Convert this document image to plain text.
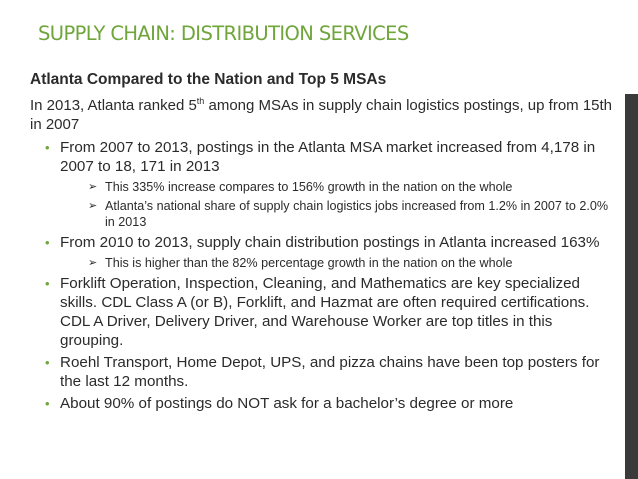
SUPPLY CHAIN: DISTRIBUTION SERVICES
Atlanta Compared to the Nation and Top 5 MSAs
In 2013, Atlanta ranked 5th among MSAs in supply chain logistics postings, up from 15th in 2007
• From 2007 to 2013, postings in the Atlanta MSA market increased from 4,178 in 2007 to 18, 171 in 2013
➢ This 335% increase compares to 156% growth in the nation on the whole
➢ Atlanta’s national share of supply chain logistics jobs increased from 1.2% in 2007 to 2.0% in 2013
• From 2010 to 2013, supply chain distribution postings in Atlanta increased 163%
➢ This is higher than the 82% percentage growth in the nation on the whole
• Forklift Operation, Inspection, Cleaning, and Mathematics are key specialized skills. CDL Class A (or B), Forklift, and Hazmat are often required certifications. CDL A Driver, Delivery Driver, and Warehouse Worker are top titles in this grouping.
• Roehl Transport, Home Depot, UPS, and pizza chains have been top posters for the last 12 months.
• About 90% of postings do NOT ask for a bachelor’s degree or more
